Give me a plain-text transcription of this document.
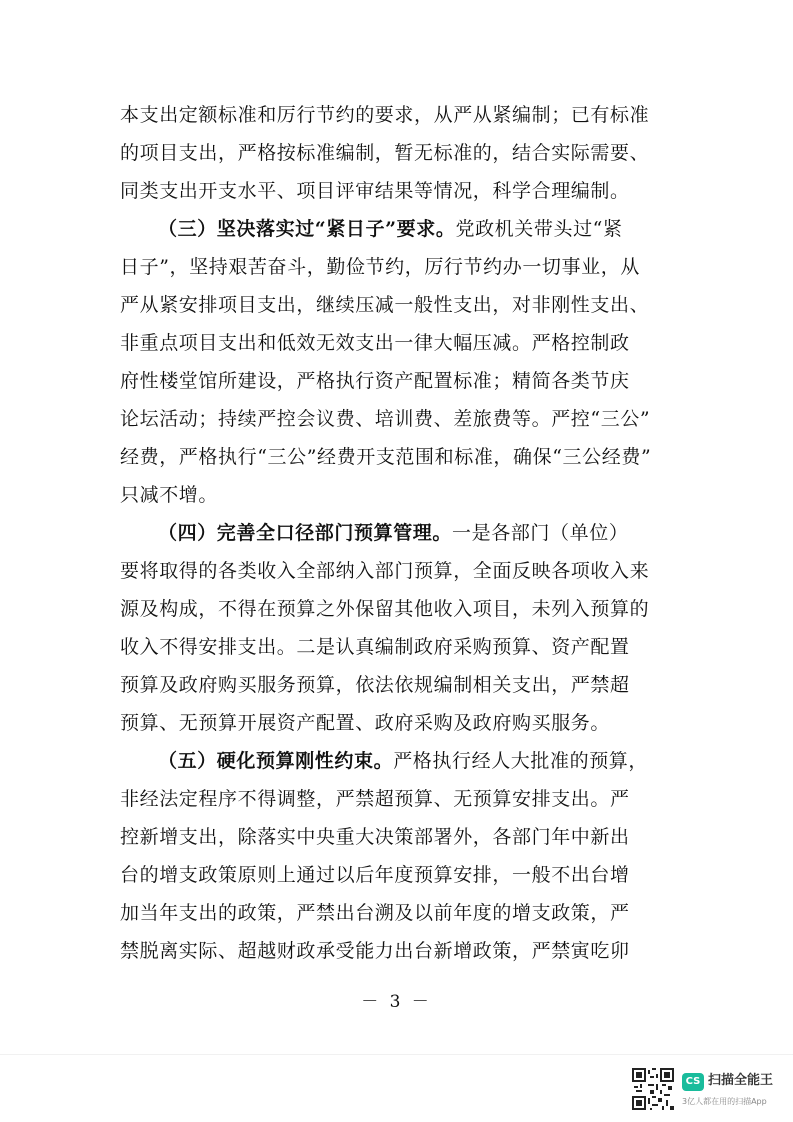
本支出定额标准和厉行节约的要求，从严从紧编制；已有标准
的项目支出，严格按标准编制，暂无标准的，结合实际需要、
同类支出开支水平、项目评审结果等情况，科学合理编制。
（三）坚决落实过“紧日子”要求。党政机关带头过“紧
日子”，坚持艰苦奋斗，勤俭节约，厉行节约办一切事业，从
严从紧安排项目支出，继续压减一般性支出，对非刚性支出、
非重点项目支出和低效无效支出一律大幅压减。严格控制政
府性楼堂馆所建设，严格执行资产配置标准；精简各类节庆
论坛活动；持续严控会议费、培训费、差旅费等。严控“三公”
经费，严格执行“三公”经费开支范围和标准，确保“三公经费”
只减不增。
（四）完善全口径部门预算管理。一是各部门（单位）
要将取得的各类收入全部纳入部门预算，全面反映各项收入来
源及构成，不得在预算之外保留其他收入项目，未列入预算的
收入不得安排支出。二是认真编制政府采购预算、资产配置
预算及政府购买服务预算，依法依规编制相关支出，严禁超
预算、无预算开展资产配置、政府采购及政府购买服务。
（五）硬化预算刚性约束。严格执行经人大批准的预算，
非经法定程序不得调整，严禁超预算、无预算安排支出。严
控新增支出，除落实中央重大决策部署外，各部门年中新出
台的增支政策原则上通过以后年度预算安排，一般不出台增
加当年支出的政策，严禁出台溯及以前年度的增支政策，严
禁脱离实际、超越财政承受能力出台新增政策，严禁寅吃卯
－ 3 －
CS 扫描全能王
3亿人都在用的扫描App
